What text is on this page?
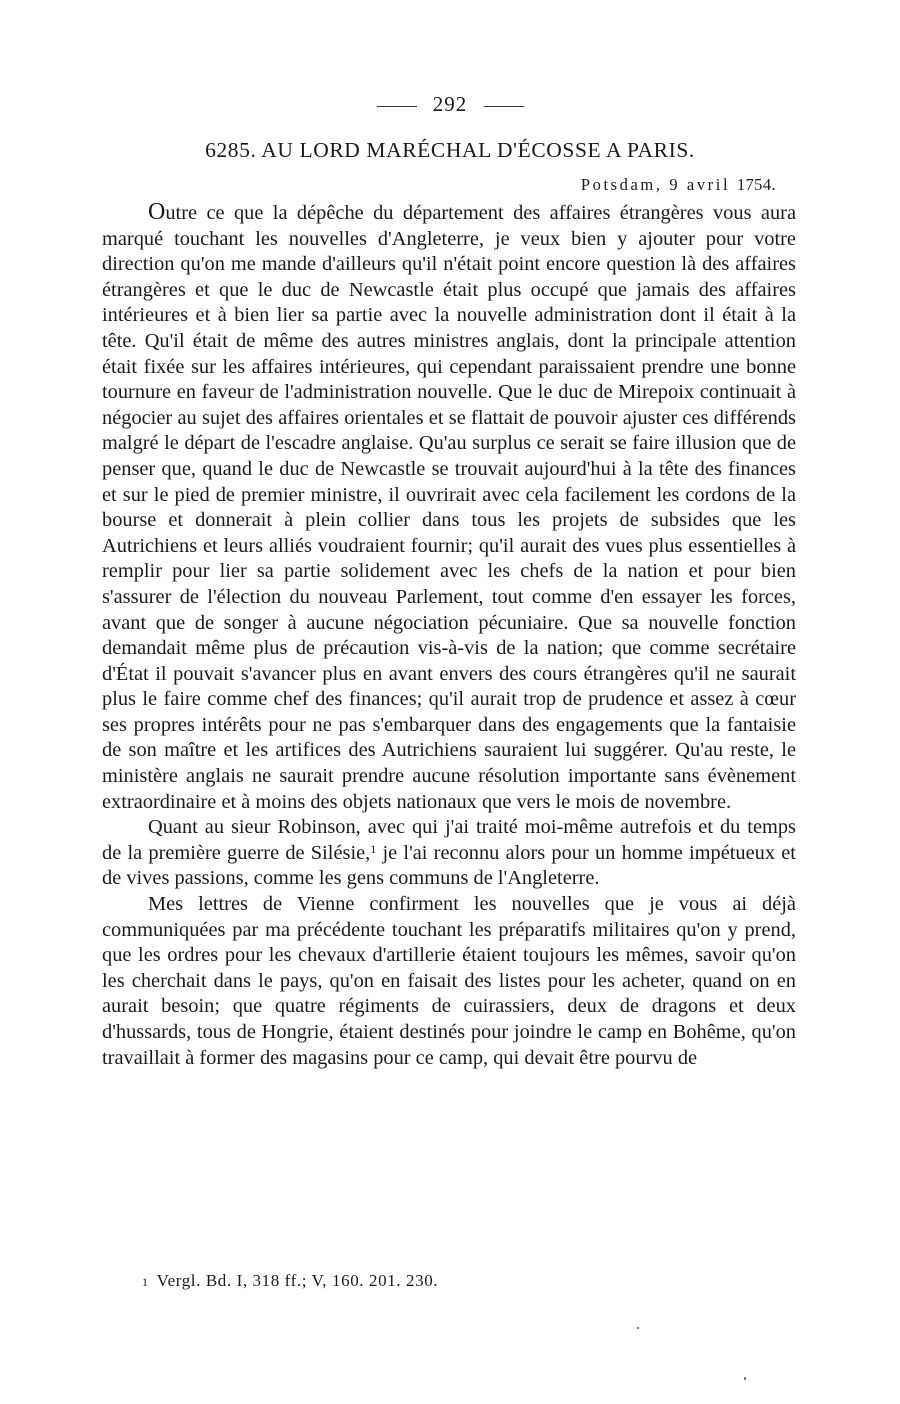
292
6285. AU LORD MARÉCHAL D'ÉCOSSE A PARIS.
Potsdam, 9 avril 1754.

Outre ce que la dépêche du département des affaires étrangères vous aura marqué touchant les nouvelles d'Angleterre, je veux bien y ajouter pour votre direction qu'on me mande d'ailleurs qu'il n'était point encore question là des affaires étrangères et que le duc de Newcastle était plus occupé que jamais des affaires intérieures et à bien lier sa partie avec la nouvelle administration dont il était à la tête. Qu'il était de même des autres ministres anglais, dont la principale attention était fixée sur les affaires intérieures, qui cependant paraissaient prendre une bonne tournure en faveur de l'administration nouvelle. Que le duc de Mirepoix continuait à négocier au sujet des affaires orientales et se flattait de pouvoir ajuster ces différends malgré le départ de l'escadre anglaise. Qu'au surplus ce serait se faire illusion que de penser que, quand le duc de Newcastle se trouvait aujourd'hui à la tête des finances et sur le pied de premier ministre, il ouvrirait avec cela facilement les cordons de la bourse et donnerait à plein collier dans tous les projets de subsides que les Autrichiens et leurs alliés voudraient fournir; qu'il aurait des vues plus essentielles à remplir pour lier sa partie solidement avec les chefs de la nation et pour bien s'assurer de l'élection du nouveau Parlement, tout comme d'en essayer les forces, avant que de songer à aucune négociation pécuniaire. Que sa nouvelle fonction demandait même plus de précaution vis-à-vis de la nation; que comme secrétaire d'État il pouvait s'avancer plus en avant envers des cours étrangères qu'il ne saurait plus le faire comme chef des finances; qu'il aurait trop de prudence et assez à cœur ses propres intérêts pour ne pas s'embarquer dans des engagements que la fantaisie de son maître et les artifices des Autrichiens sauraient lui suggérer. Qu'au reste, le ministère anglais ne saurait prendre aucune résolution importante sans évènement extraordinaire et à moins des objets nationaux que vers le mois de novembre.

Quant au sieur Robinson, avec qui j'ai traité moi-même autrefois et du temps de la première guerre de Silésie,$^1$ je l'ai reconnu alors pour un homme impétueux et de vives passions, comme les gens communs de l'Angleterre.

Mes lettres de Vienne confirment les nouvelles que je vous ai déjà communiquées par ma précédente touchant les préparatifs militaires qu'on y prend, que les ordres pour les chevaux d'artillerie étaient toujours les mêmes, savoir qu'on les cherchait dans le pays, qu'on en faisait des listes pour les acheter, quand on en aurait besoin; que quatre régiments de cuirassiers, deux de dragons et deux d'hussards, tous de Hongrie, étaient destinés pour joindre le camp en Bohême, qu'on travaillait à former des magasins pour ce camp, qui devait être pourvu de

1 Vergl. Bd. I, 318 ff.; V, 160. 201. 230.
